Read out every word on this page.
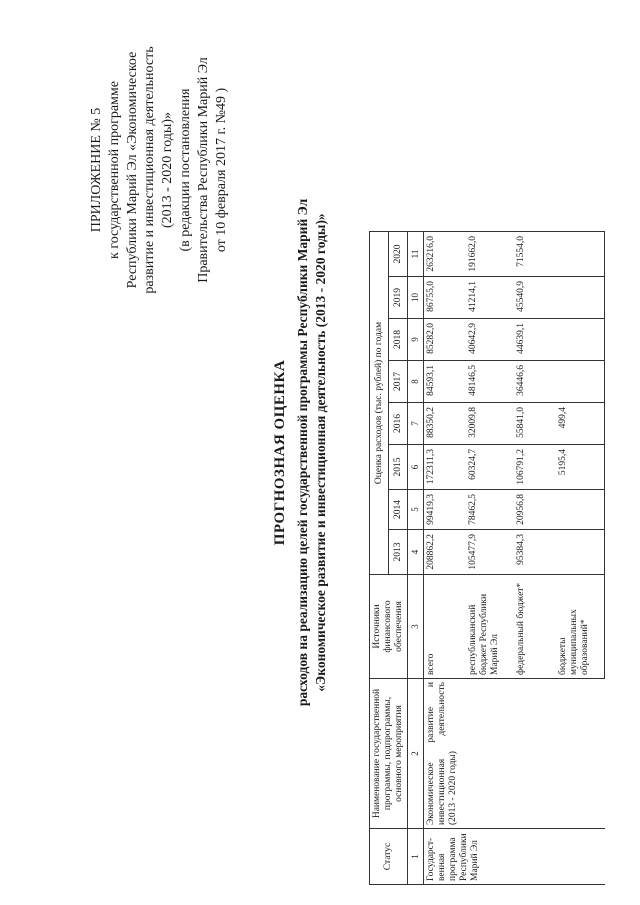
ПРИЛОЖЕНИЕ № 5 к государственной программе Республики Марий Эл «Экономическое развитие и инвестиционная деятельность (2013 - 2020 годы)» (в редакции постановления Правительства Республики Марий Эл от 10 февраля 2017 г. №49 )
ПРОГНОЗНАЯ ОЦЕНКА расходов на реализацию целей государственной программы Республики Марий Эл «Экономическое развитие и инвестиционная деятельность (2013 - 2020 годы)»
Статус	Наименование государственной программы, подпрограммы, основного мероприятия	Источники финансового обеспечения	Оценка расходов (тыс. рублей) по годам							
			2013	2014	2015	2016	2017	2018	2019	2020
1	2	3	4	5	6	7	8	9	10	11
Государст-венная программа Республики Марий Эл	Экономическое развитие и инвестиционная деятельность (2013 - 2020 годы)	всего	208862,2	99419,3	172311,3	88350,2	84593,1	85282,0	86755,0	263216,0
		республиканский бюджет Республики Марий Эл	105477,9	78462,5	60324,7	32009,8	48146,5	40642,9	41214,1	191662,0
		федеральный бюджет*	95384,3	20956,8	106791,2	55841,0	36446,6	44639,1	45540,9	71554,0
		бюджеты муниципальных образований*			5195,4	499,4				
